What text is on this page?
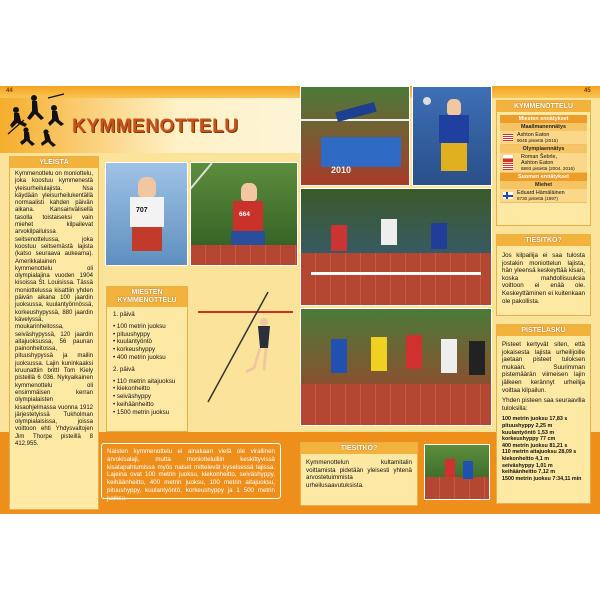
44	45
KYMMENOTTELU
YLEISTÄ
Kymmenottelu on moniottelu, joka koostuu kymmenestä yleisurheilulajista. Nsa käydään yleisurheilukentällä normaalisti kahden päivän aikana. Kansainvälisellä tasolla toistaiseksi vain miehet kilpailevat arvokilpailuissa seitsenottelussa, joka koostuu seitsemästä lajista (katso seuraava aukeama). Amerikkalainen kymmenottelu oli olympialajina vuoden 1904 kisoissa St. Louisissa. Tässä moniottelussa kisattiin yhden päivän aikana 100 jaardin juoksussa, kuulantyönnössä, korkeushypyssä, 880 jaardin kävelyssä, moukarinheitossa, seiväshypyssä, 120 jaardin aitajuoksussa, 56 paunan painonheitossa, pituushypyssä ja mailin juoksussa. Lajin kuninkaaksi kruunattiin brittI Tom Kiely pisteillä 6 036. Nykyaikainen kymmenottelu oli ensimmäisen kerran olympialaisten kisaohjelmassa vuonna 1912 järjestetyissä Tukholman olympialaisissa, joissa voittoon ehti Yhdysvaltojen Jim Thorpe pisteillä 8 412,955.
707
664
2010
MIESTEN KYMMENOTTELU
1. päivä
• 100 metrin juoksu
• pituushyppy
• kuulantyöntö
• korkeushyppy
• 400 metrin juoksu
2. päivä
• 110 metrin aitajuoksu
• kiekonheitto
• seiväshyppy
• keihäänheitto
• 1500 metrin juoksu
Naisten kymmenottelu ei ainakaan vielä ole virallinen arvokisalaji, mutta moniottelulliin keskittyvissä kisatapahtumissa myös naiset mittelevät kyseisessä lajissa. Lajeina ovat 100 metrin juoksu, kiekonheitto, seiväshyppy, keihäänheitto, 400 metrin juoksu, 100 metrin aitajuoksu, pituushyppy, kuulantyöntö, korkeushyppy ja 1 500 metrin juoksu.
KYMMENOTTELU
Miesten ennätykset
Maailmanennätys
Ashton Eaton
9045 pistettä (2015)
Olympiaennätys
Roman Šebrle,
Ashton Eaton
8893 pistettä (2004, 2016)
Suomen ennätykset
Miehet
Eduard Hämäläinen
8730 pistettä (1997)
TIESITKÖ?
Jos kilpailija ei saa tulosta jostakin moniottelun lajista, hän yleensä keskeyttää kisan, koska mahdollisuuksia voittoon ei enää ole. Keskeyttäminen ei kuitenkaan ole pakollista.
PISTELASKU
Pisteet kertyvät siten, että jokaisesta lajista urheilijoille jaetaan pisteet tuloksen mukaan. Suurimman pistemäärän viimeisen lajin jälkeen kerännyt urheilija voittaa kilpailun.
Yhden pisteen saa seuraavilla tuloksilla:
100 metrin juoksu 17,83 s
pituushyppy 2,25 m
kuulantyöntö 1,53 m
korkeushyppy 77 cm
400 metrin juoksu 81,21 s
110 metrin aitajuoksu 28,09 s
kiekonheitto 4,1 m
seiväshyppy 1,01 m
keihäänheitto 7,12 m
1500 metrin juoksu 7:34,11 min
TIESITKÖ?
Kymmenottelun kultamitalin voittamista pidetään yleisesti yhtenä arvostetuimmista urheilusaavutuksista.
